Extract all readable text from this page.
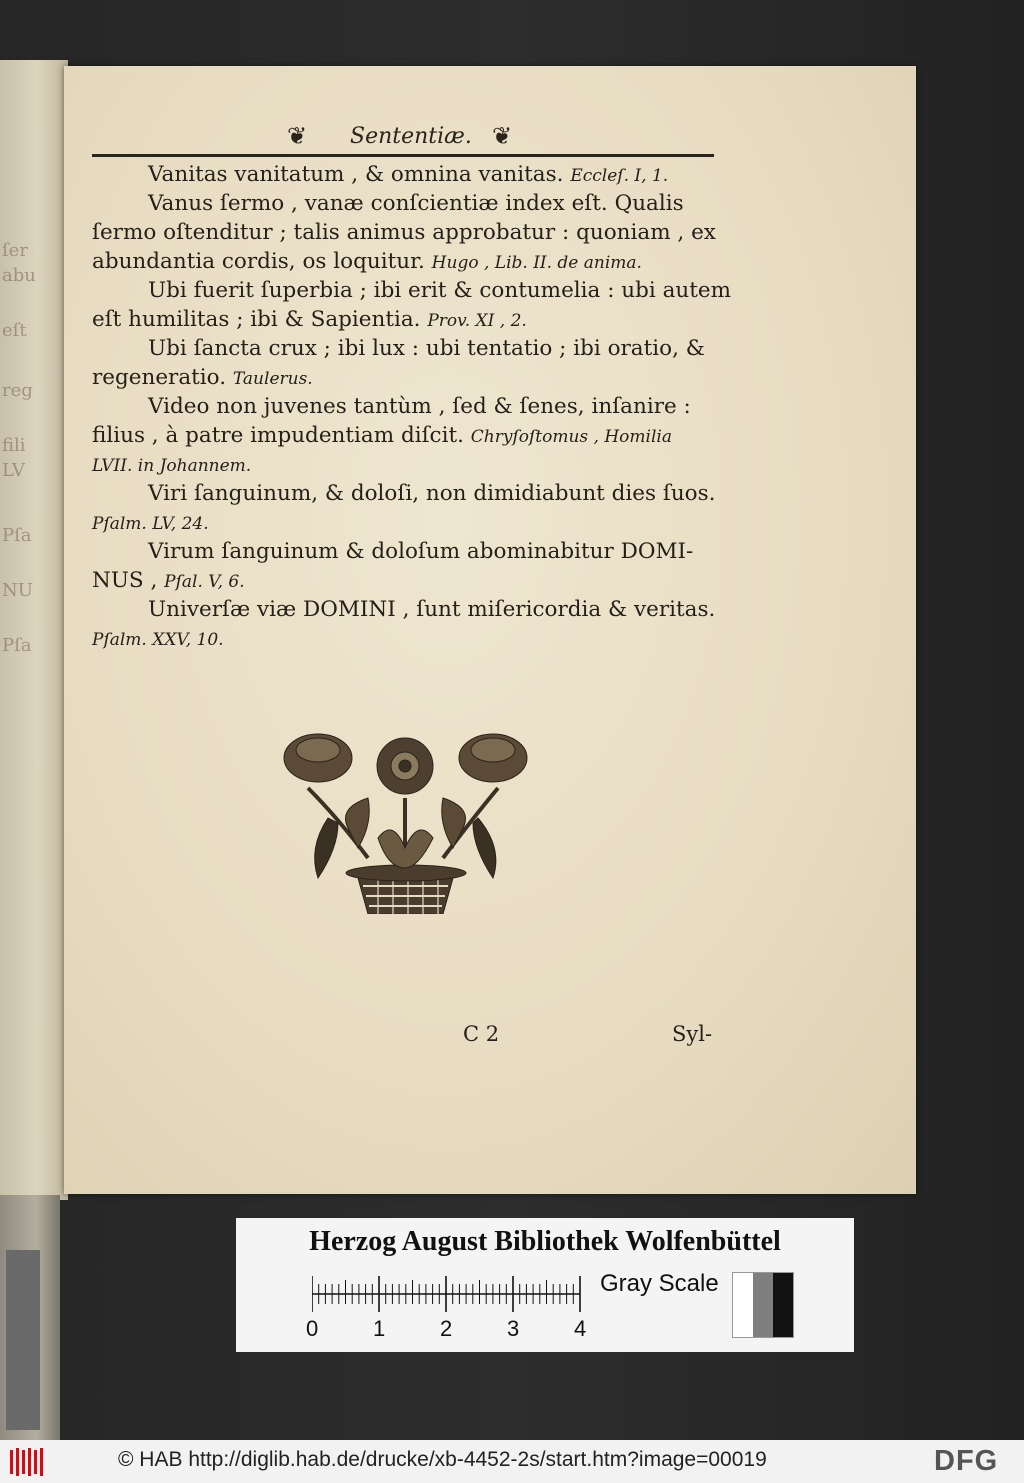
ſer
abu
eſt
reg
fili
LV
Pſa
NU
Pſa
❦ Sententiæ. ❦
Vanitas vanitatum , & omnina vanitas. Eccleſ. I, 1.
Vanus ſermo , vanæ conſcientiæ index eſt. Qualis
ſermo oſtenditur ; talis animus approbatur : quoniam , ex
abundantia cordis, os loquitur. Hugo , Lib. II. de anima.
Ubi fuerit ſuperbia ; ibi erit & contumelia : ubi autem
eſt humilitas ; ibi & Sapientia. Prov. XI , 2.
Ubi ſancta crux ; ibi lux : ubi tentatio ; ibi oratio, &
regeneratio. Taulerus.
Video non juvenes tantùm , ſed & ſenes, inſanire :
filius , à patre impudentiam diſcit. Chryſoſtomus , Homilia
LVII. in Johannem.
Viri ſanguinum, & doloſi, non dimidiabunt dies ſuos.
Pſalm. LV, 24.
Virum ſanguinum & doloſum abominabitur DOMI-
NUS , Pſal. V, 6.
Univerſæ viæ DOMINI , ſunt miſericordia & veritas.
Pſalm. XXV, 10.
C 2	Syl-
Herzog August Bibliothek Wolfenbüttel
0 1 2 3 4
Gray Scale
© HAB http://diglib.hab.de/drucke/xb-4452-2s/start.htm?image=00019	DFG
